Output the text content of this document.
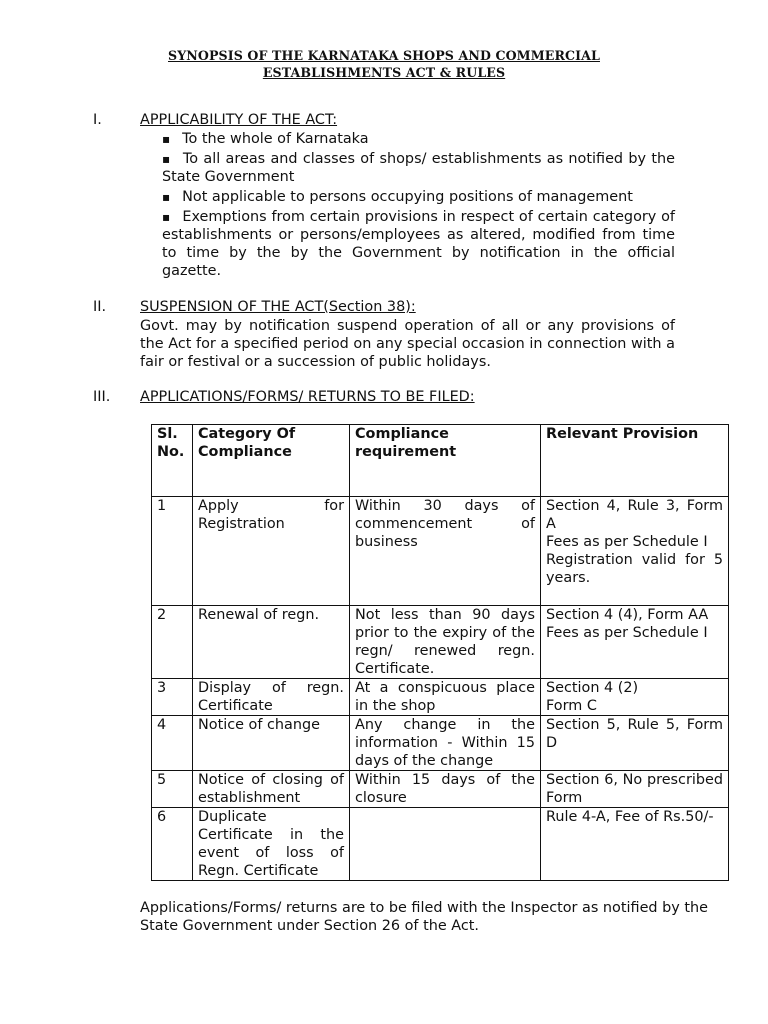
SYNOPSIS OF THE KARNATAKA SHOPS AND COMMERCIAL
ESTABLISHMENTS ACT & RULES
I.	APPLICABILITY OF THE ACT:
▪ To the whole of Karnataka
▪ To all areas and classes of shops/ establishments as notified by the State Government
▪ Not applicable to persons occupying positions of management
▪ Exemptions from certain provisions in respect of certain category of establishments or persons/employees as altered, modified from time to time by the by the Government by notification in the official gazette.
II. SUSPENSION OF THE ACT(Section 38):
Govt. may by notification suspend operation of all or any provisions of the Act for a specified period on any special occasion in connection with a fair or festival or a succession of public holidays.
III. APPLICATIONS/FORMS/ RETURNS TO BE FILED:
Sl. No.	Category Of Compliance	Compliance requirement	Relevant Provision
1	Apply for Registration	Within 30 days of commencement of business	Section 4, Rule 3, Form A
Fees as per Schedule I
Registration valid for 5 years.
2	Renewal of regn.	Not less than 90 days prior to the expiry of the regn/ renewed regn. Certificate.	Section 4 (4), Form AA
Fees as per Schedule I
3	Display of regn. Certificate	At a conspicuous place in the shop	Section 4 (2)
Form C
4	Notice of change	Any change in the information - Within 15 days of the change	Section 5, Rule 5, Form D
5	Notice of closing of establishment	Within 15 days of the closure	Section 6, No prescribed Form
6	Duplicate Certificate in the event of loss of Regn. Certificate		Rule 4-A, Fee of Rs.50/-
Applications/Forms/ returns are to be filed with the Inspector as notified by the State Government under Section 26 of the Act.
